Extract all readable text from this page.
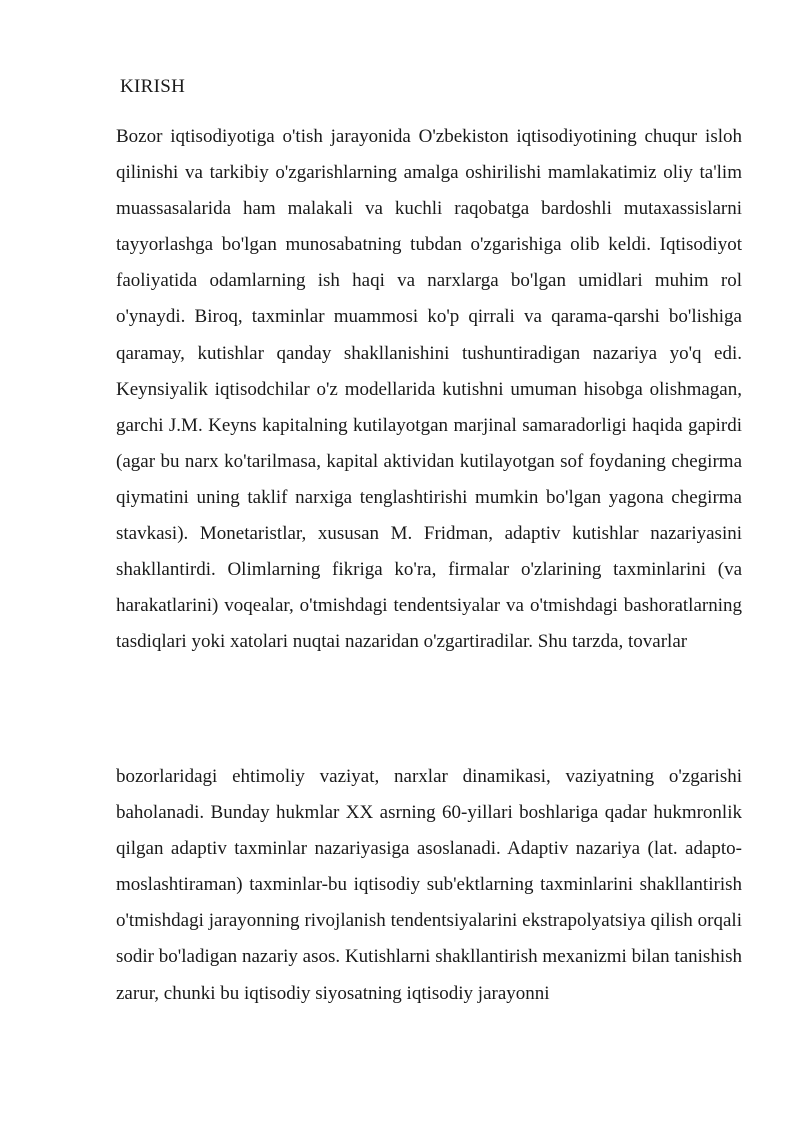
KIRISH

Bozor iqtisodiyotiga o'tish jarayonida O'zbekiston iqtisodiyotining chuqur isloh qilinishi va tarkibiy o'zgarishlarning amalga oshirilishi mamlakatimiz oliy ta'lim muassasalarida ham malakali va kuchli raqobatga bardoshli mutaxassislarni tayyorlashga bo'lgan munosabatning tubdan o'zgarishiga olib keldi. Iqtisodiyot faoliyatida odamlarning ish haqi va narxlarga bo'lgan umidlari muhim rol o'ynaydi. Biroq, taxminlar muammosi ko'p qirrali va qarama-qarshi bo'lishiga qaramay, kutishlar qanday shakllanishini tushuntiradigan nazariya yo'q edi. Keynsiyalik iqtisodchilar o'z modellarida kutishni umuman hisobga olishmagan, garchi J.M. Keyns kapitalning kutilayotgan marjinal samaradorligi haqida gapirdi (agar bu narx ko'tarilmasa, kapital aktividan kutilayotgan sof foydaning chegirma qiymatini uning taklif narxiga tenglashtirishi mumkin bo'lgan yagona chegirma stavkasi). Monetaristlar, xususan M. Fridman, adaptiv kutishlar nazariyasini shakllantirdi. Olimlarning fikriga ko'ra, firmalar o'zlarining taxminlarini (va harakatlarini) voqealar, o'tmishdagi tendentsiyalar va o'tmishdagi bashoratlarning tasdiqlari yoki xatolari nuqtai nazaridan o'zgartiradilar. Shu tarzda, tovarlar

bozorlaridagi ehtimoliy vaziyat, narxlar dinamikasi, vaziyatning o'zgarishi baholanadi. Bunday hukmlar XX asrning 60-yillari boshlariga qadar hukmronlik qilgan adaptiv taxminlar nazariyasiga asoslanadi. Adaptiv nazariya (lat. adapto- moslashtiraman) taxminlar-bu iqtisodiy sub'ektlarning taxminlarini shakllantirish o'tmishdagi jarayonning rivojlanish tendentsiyalarini ekstrapolyatsiya qilish orqali sodir bo'ladigan nazariy asos. Kutishlarni shakllantirish mexanizmi bilan tanishish zarur, chunki bu iqtisodiy siyosatning iqtisodiy jarayonni
